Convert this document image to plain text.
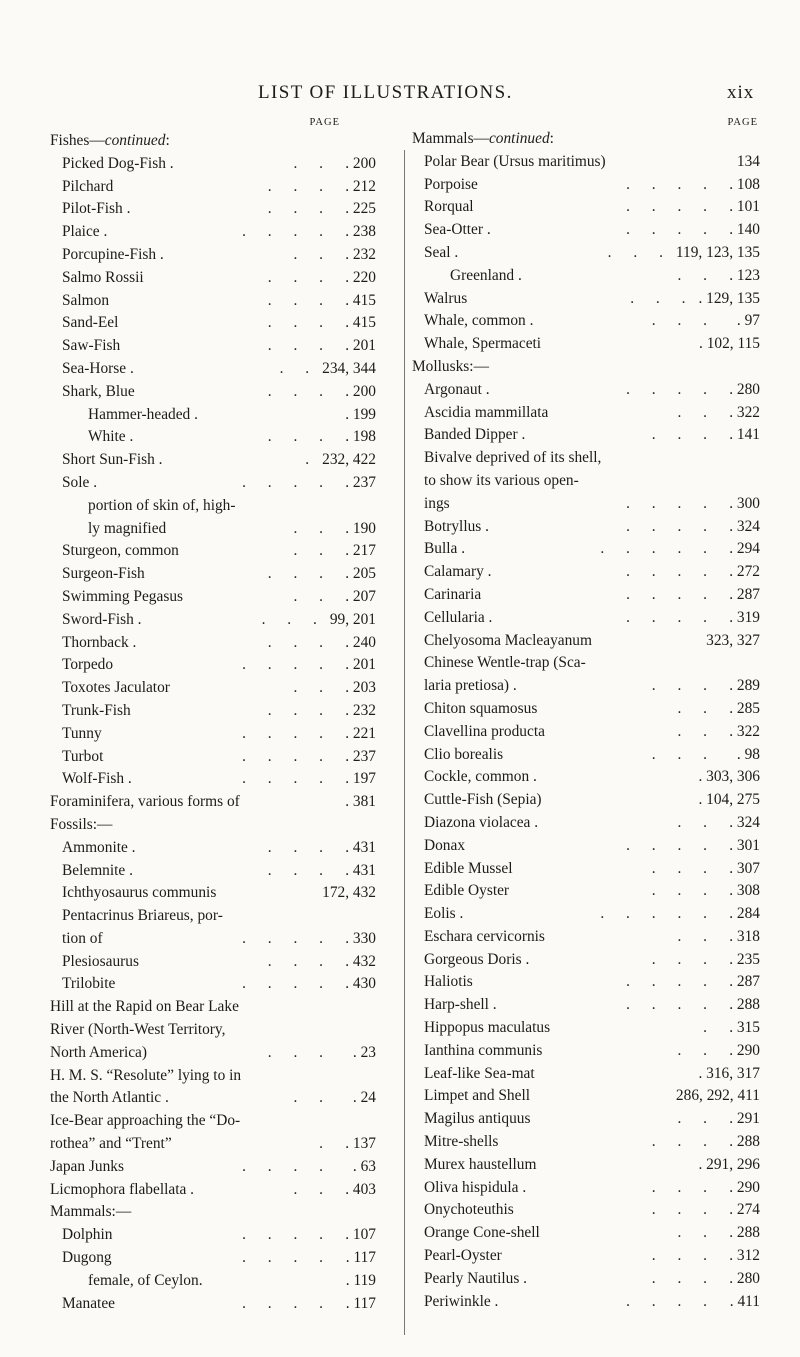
LIST OF ILLUSTRATIONS.	xix
PAGE
Fishes—continued:
Picked Dog-Fish .	. . . 200
Pilchard	. . . . 212
Pilot-Fish .	. . . . 225
Plaice .	. . . . . 238
Porcupine-Fish .	. . . 232
Salmo Rossii	. . . . 220
Salmon	. . . . 415
Sand-Eel	. . . . 415
Saw-Fish	. . . . 201
Sea-Horse .	. . 234, 344
Shark, Blue	. . . . 200
Hammer-headed .	. 199
White .	. . . . 198
Short Sun-Fish .	. 232, 422
Sole .	. . . . . 237
portion of skin of, high-
ly magnified	. . . 190
Sturgeon, common	. . . 217
Surgeon-Fish	. . . . 205
Swimming Pegasus	. . . 207
Sword-Fish .	. . . 99, 201
Thornback .	. . . . 240
Torpedo	. . . . . 201
Toxotes Jaculator	. . . 203
Trunk-Fish	. . . . 232
Tunny	. . . . . 221
Turbot	. . . . . 237
Wolf-Fish .	. . . . . 197
Foraminifera, various forms of	. 381
Fossils:—
Ammonite .	. . . . 431
Belemnite .	. . . . 431
Ichthyosaurus communis	172, 432
Pentacrinus Briareus, por-
tion of	. . . . . 330
Plesiosaurus	. . . . 432
Trilobite	. . . . . 430
Hill at the Rapid on Bear Lake
River (North-West Territory,
North America)	. . .	. 23
H. M. S. “Resolute” lying to in
the North Atlantic .	. .	. 24
Ice-Bear approaching the “Do-
rothea” and “Trent”	. . 137
Japan Junks	. . . .	. 63
Licmophora flabellata .	. . . 403
Mammals:—
Dolphin	. . . . . 107
Dugong	. . . . . 117
female, of Ceylon.	. 119
Manatee	. . . . . 117
PAGE
Mammals—continued:
Polar Bear (Ursus maritimus)	134
Porpoise	. . . . . 108
Rorqual	. . . . . 101
Sea-Otter .	. . . . . 140
Seal .	. . . 119, 123, 135
Greenland .	. . . 123
Walrus	. . . . 129, 135
Whale, common .	. . .	. 97
Whale, Spermaceti	. 102, 115
Mollusks:—
Argonaut .	. . . . . 280
Ascidia mammillata	. . . 322
Banded Dipper .	. . . . 141
Bivalve deprived of its shell,
to show its various open-
ings	. . . . . 300
Botryllus .	. . . . . 324
Bulla .	. . . . . . 294
Calamary .	. . . . . 272
Carinaria	. . . . . 287
Cellularia .	. . . . . 319
Chelyosoma Macleayanum	323, 327
Chinese Wentle-trap (Sca-
laria pretiosa) .	. . . . 289
Chiton squamosus	. . . 285
Clavellina producta	. . . 322
Clio borealis	. . .	. 98
Cockle, common .	. 303, 306
Cuttle-Fish (Sepia)	. 104, 275
Diazona violacea .	. . . 324
Donax	. . . . . 301
Edible Mussel	. . . . 307
Edible Oyster	. . . . 308
Eolis .	. . . . . . 284
Eschara cervicornis	. . . 318
Gorgeous Doris .	. . . . 235
Haliotis	. . . . . 287
Harp-shell .	. . . . . 288
Hippopus maculatus	. . 315
Ianthina communis	. . . 290
Leaf-like Sea-mat	. 316, 317
Limpet and Shell	286, 292, 411
Magilus antiquus	. . . 291
Mitre-shells	. . . . 288
Murex haustellum	. 291, 296
Oliva hispidula .	. . . . 290
Onychoteuthis	. . . . 274
Orange Cone-shell	. . . 288
Pearl-Oyster	. . . . 312
Pearly Nautilus .	. . . . 280
Periwinkle .	. . . . . 411
